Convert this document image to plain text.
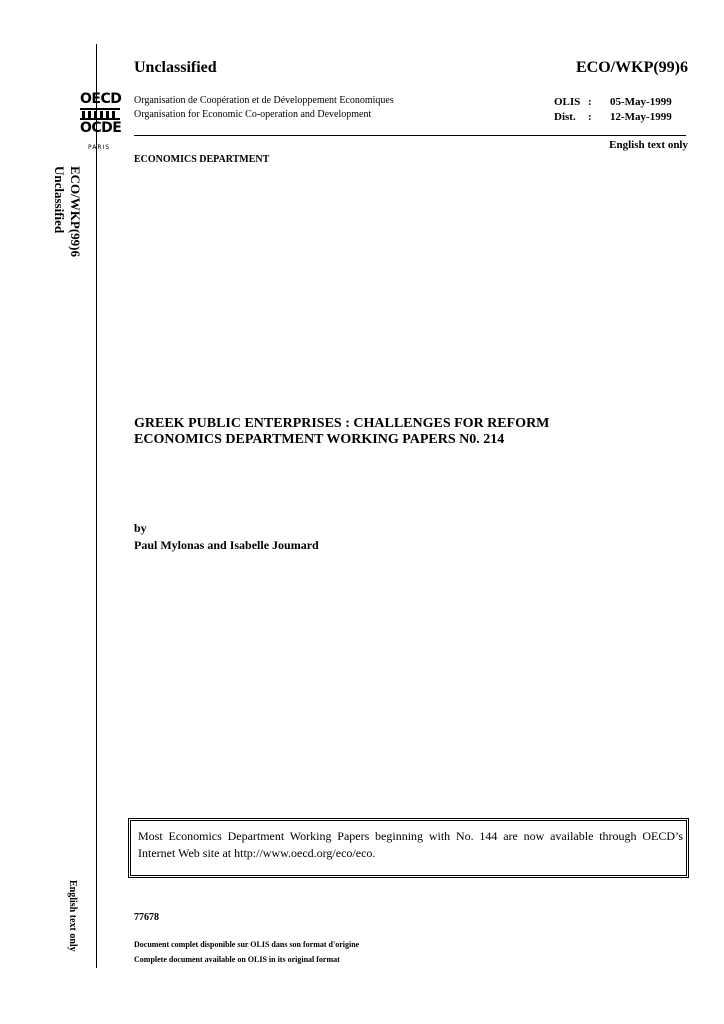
OECD
OCDE
PARIS
ECO/WKP(99)6
Unclassified
English text only
Unclassified	ECO/WKP(99)6
Organisation de Coopération et de Développement Economiques
Organisation for Economic Co-operation and Development
OLIS	:	05-May-1999
Dist.	:	12-May-1999
English text only
ECONOMICS DEPARTMENT
GREEK PUBLIC ENTERPRISES : CHALLENGES FOR REFORM
ECONOMICS DEPARTMENT WORKING PAPERS N0. 214
by
Paul Mylonas and Isabelle Joumard
Most Economics Department Working Papers beginning with No. 144 are now available through OECD’s Internet Web site at http://www.oecd.org/eco/eco.
77678
Document complet disponible sur OLIS dans son format d'origine
Complete document available on OLIS in its original format
